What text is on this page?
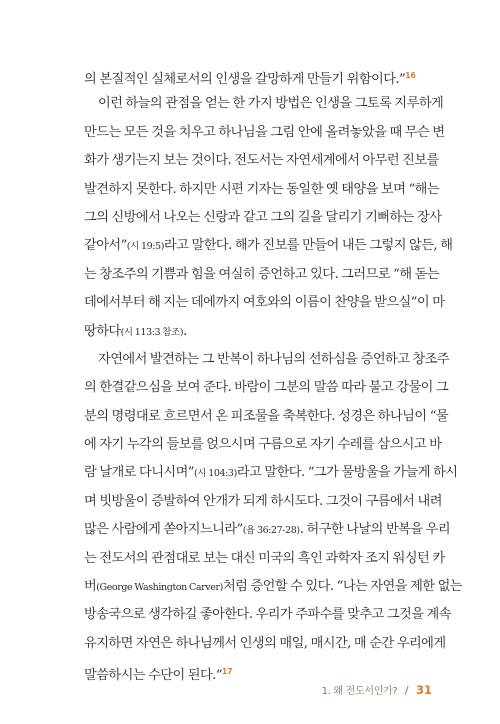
의 본질적인 실체로서의 인생을 갈망하게 만들기 위함이다.”$^{16}$
이런 하늘의 관점을 얻는 한 가지 방법은 인생을 그토록 지루하게
만드는 모든 것을 치우고 하나님을 그림 안에 올려놓았을 때 무슨 변
화가 생기는지 보는 것이다. 전도서는 자연세계에서 아무런 진보를
발견하지 못한다. 하지만 시편 기자는 동일한 옛 태양을 보며 “해는
그의 신방에서 나오는 신랑과 같고 그의 길을 달리기 기뻐하는 장사
같아서”(시 19:5)라고 말한다. 해가 진보를 만들어 내든 그렇지 않든, 해
는 창조주의 기쁨과 힘을 여실히 증언하고 있다. 그러므로 “해 돋는
데에서부터 해 지는 데에까지 여호와의 이름이 찬양을 받으실”이 마
땅하다(시 113:3 참조).
자연에서 발견하는 그 반복이 하나님의 선하심을 증언하고 창조주
의 한결같으심을 보여 준다. 바람이 그분의 말씀 따라 불고 강물이 그
분의 명령대로 흐르면서 온 피조물을 축복한다. 성경은 하나님이 “물
에 자기 누각의 들보를 얹으시며 구름으로 자기 수레를 삼으시고 바
람 날개로 다니시며”(시 104:3)라고 말한다. “그가 물방울을 가늘게 하시
며 빗방울이 증발하여 안개가 되게 하시도다. 그것이 구름에서 내려
많은 사람에게 쏟아지느니라”(욥 36:27-28). 허구한 나날의 반복을 우리
는 전도서의 관점대로 보는 대신 미국의 흑인 과학자 조지 워싱턴 카
버(George Washington Carver)처럼 증언할 수 있다. “나는 자연을 제한 없는
방송국으로 생각하길 좋아한다. 우리가 주파수를 맞추고 그것을 계속
유지하면 자연은 하나님께서 인생의 매일, 매시간, 매 순간 우리에게
말씀하시는 수단이 된다.”$^{17}$
1. 왜 전도서인가? / 31
